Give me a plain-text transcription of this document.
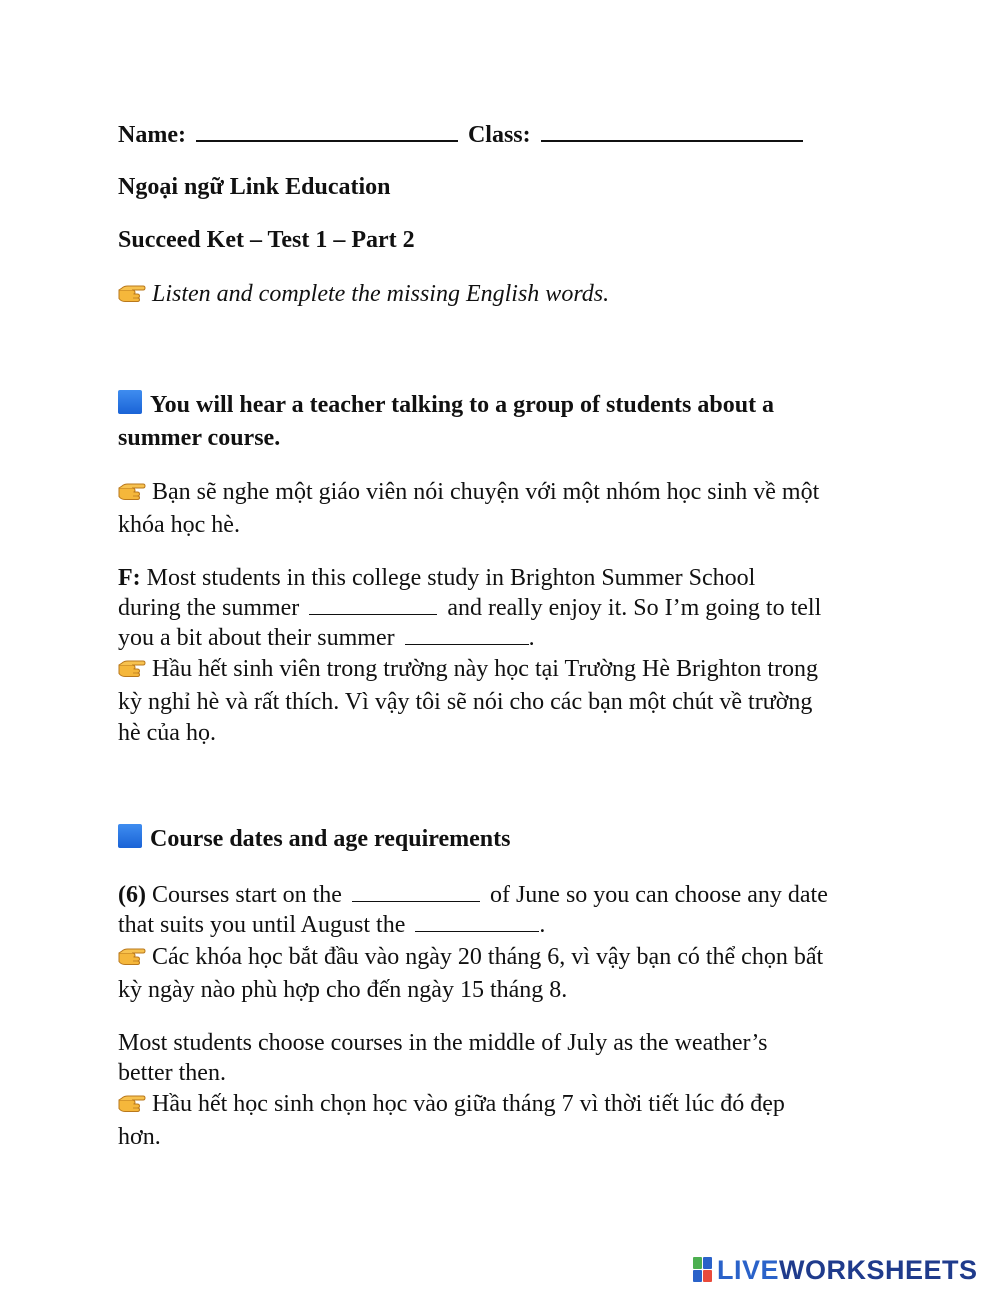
Name:	Class:
Ngoại ngữ Link Education
Succeed Ket – Test 1 – Part 2
Listen and complete the missing English words.
You will hear a teacher talking to a group of students about a
summer course.
Bạn sẽ nghe một giáo viên nói chuyện với một nhóm học sinh về một
khóa học hè.
F: Most students in this college study in Brighton Summer School
during the summer	and really enjoy it. So I’m going to tell
you a bit about their summer	.
Hầu hết sinh viên trong trường này học tại Trường Hè Brighton trong
kỳ nghỉ hè và rất thích. Vì vậy tôi sẽ nói cho các bạn một chút về trường
hè của họ.
Course dates and age requirements
(6) Courses start on the	of June so you can choose any date
that suits you until August the	.
Các khóa học bắt đầu vào ngày 20 tháng 6, vì vậy bạn có thể chọn bất
kỳ ngày nào phù hợp cho đến ngày 15 tháng 8.
Most students choose courses in the middle of July as the weather’s
better then.
Hầu hết học sinh chọn học vào giữa tháng 7 vì thời tiết lúc đó đẹp
hơn.
LIVEWORKSHEETS
